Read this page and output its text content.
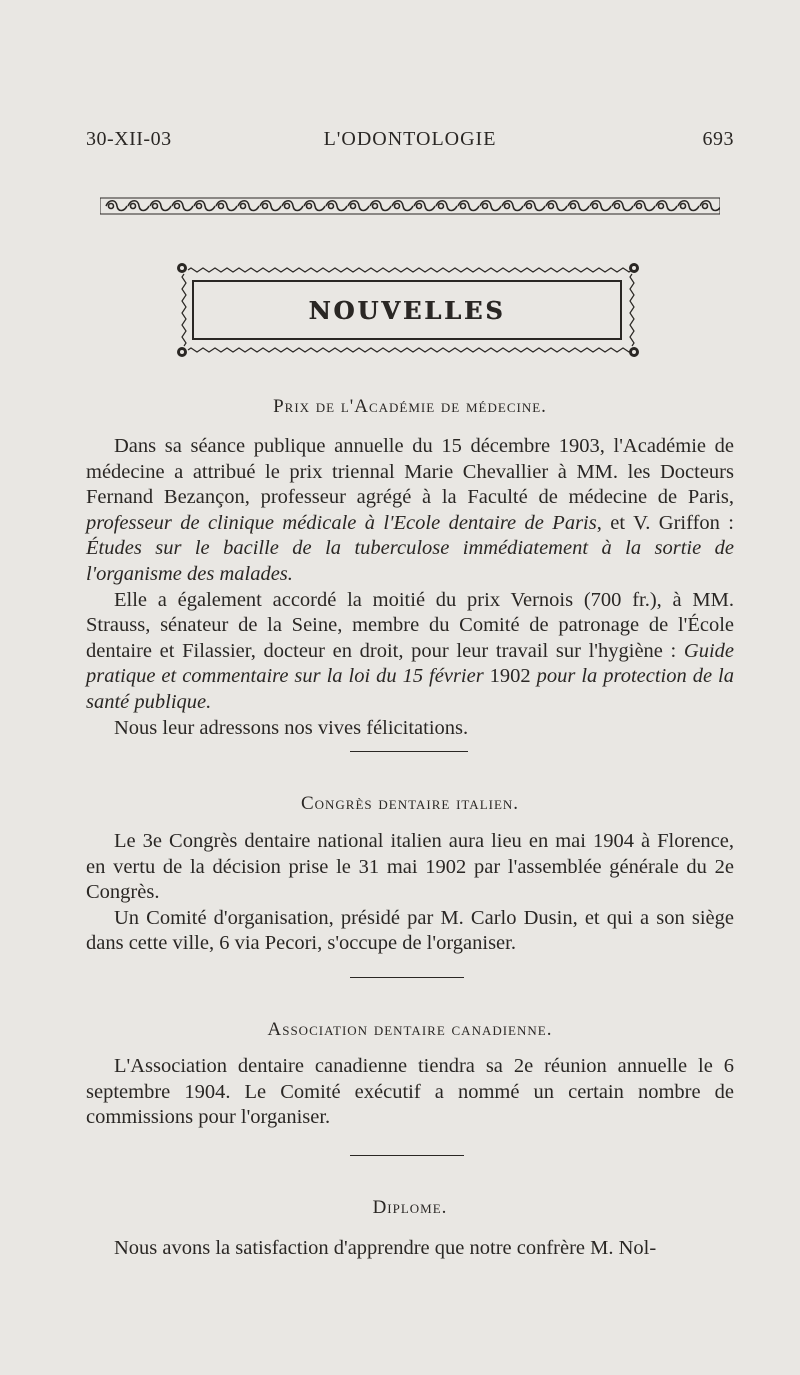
30-XII-03	L'ODONTOLOGIE	693
NOUVELLES
Prix de l'Académie de médecine.

Dans sa séance publique annuelle du 15 décembre 1903, l'Académie de médecine a attribué le prix triennal Marie Chevallier à MM. les Docteurs Fernand Bezançon, professeur agrégé à la Faculté de médecine de Paris, professeur de clinique médicale à l'Ecole dentaire de Paris, et V. Griffon : Études sur le bacille de la tuberculose immédiatement à la sortie de l'organisme des malades.

Elle a également accordé la moitié du prix Vernois (700 fr.), à MM. Strauss, sénateur de la Seine, membre du Comité de patronage de l'École dentaire et Filassier, docteur en droit, pour leur travail sur l'hygiène : Guide pratique et commentaire sur la loi du 15 février 1902 pour la protection de la santé publique.

Nous leur adressons nos vives félicitations.

Congrès dentaire italien.

Le 3e Congrès dentaire national italien aura lieu en mai 1904 à Florence, en vertu de la décision prise le 31 mai 1902 par l'assemblée générale du 2e Congrès.

Un Comité d'organisation, présidé par M. Carlo Dusin, et qui a son siège dans cette ville, 6 via Pecori, s'occupe de l'organiser.

Association dentaire canadienne.

L'Association dentaire canadienne tiendra sa 2e réunion annuelle le 6 septembre 1904. Le Comité exécutif a nommé un certain nombre de commissions pour l'organiser.

Diplome.

Nous avons la satisfaction d'apprendre que notre confrère M. Nol-
